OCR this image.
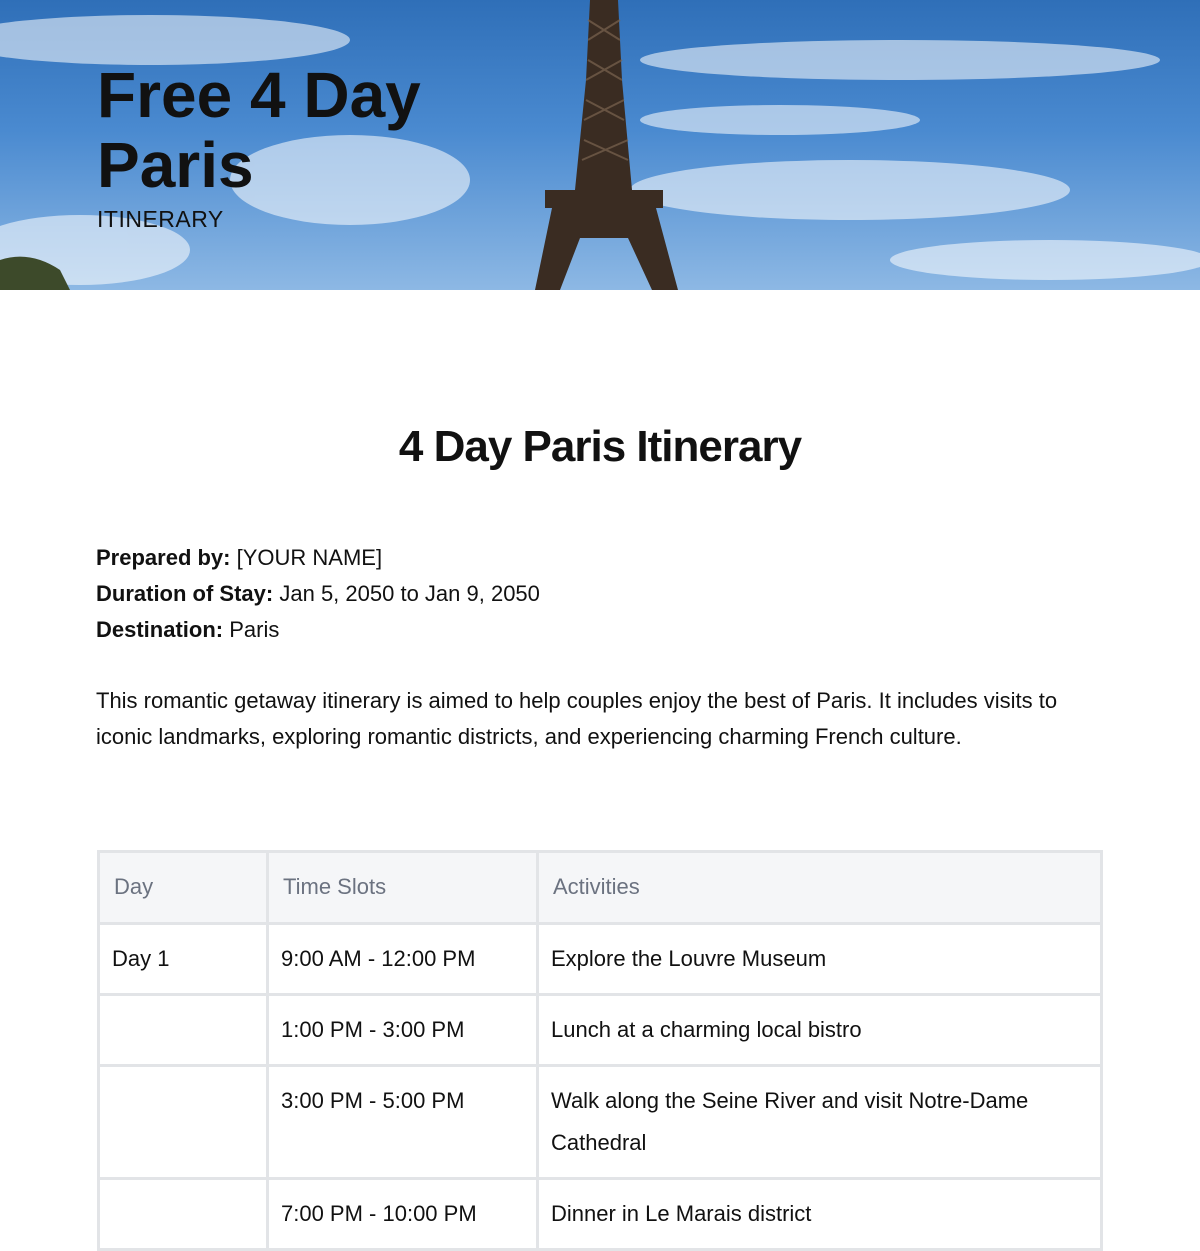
Free 4 Day
Paris
ITINERARY
4 Day Paris Itinerary
Prepared by: [YOUR NAME]
Duration of Stay: Jan 5, 2050 to Jan 9, 2050
Destination: Paris

This romantic getaway itinerary is aimed to help couples enjoy the best of Paris. It includes visits to iconic landmarks, exploring romantic districts, and experiencing charming French culture.

Day	Time Slots	Activities
Day 1	9:00 AM - 12:00 PM	Explore the Louvre Museum
	1:00 PM - 3:00 PM	Lunch at a charming local bistro
	3:00 PM - 5:00 PM	Walk along the Seine River and visit Notre-Dame Cathedral
	7:00 PM - 10:00 PM	Dinner in Le Marais district
